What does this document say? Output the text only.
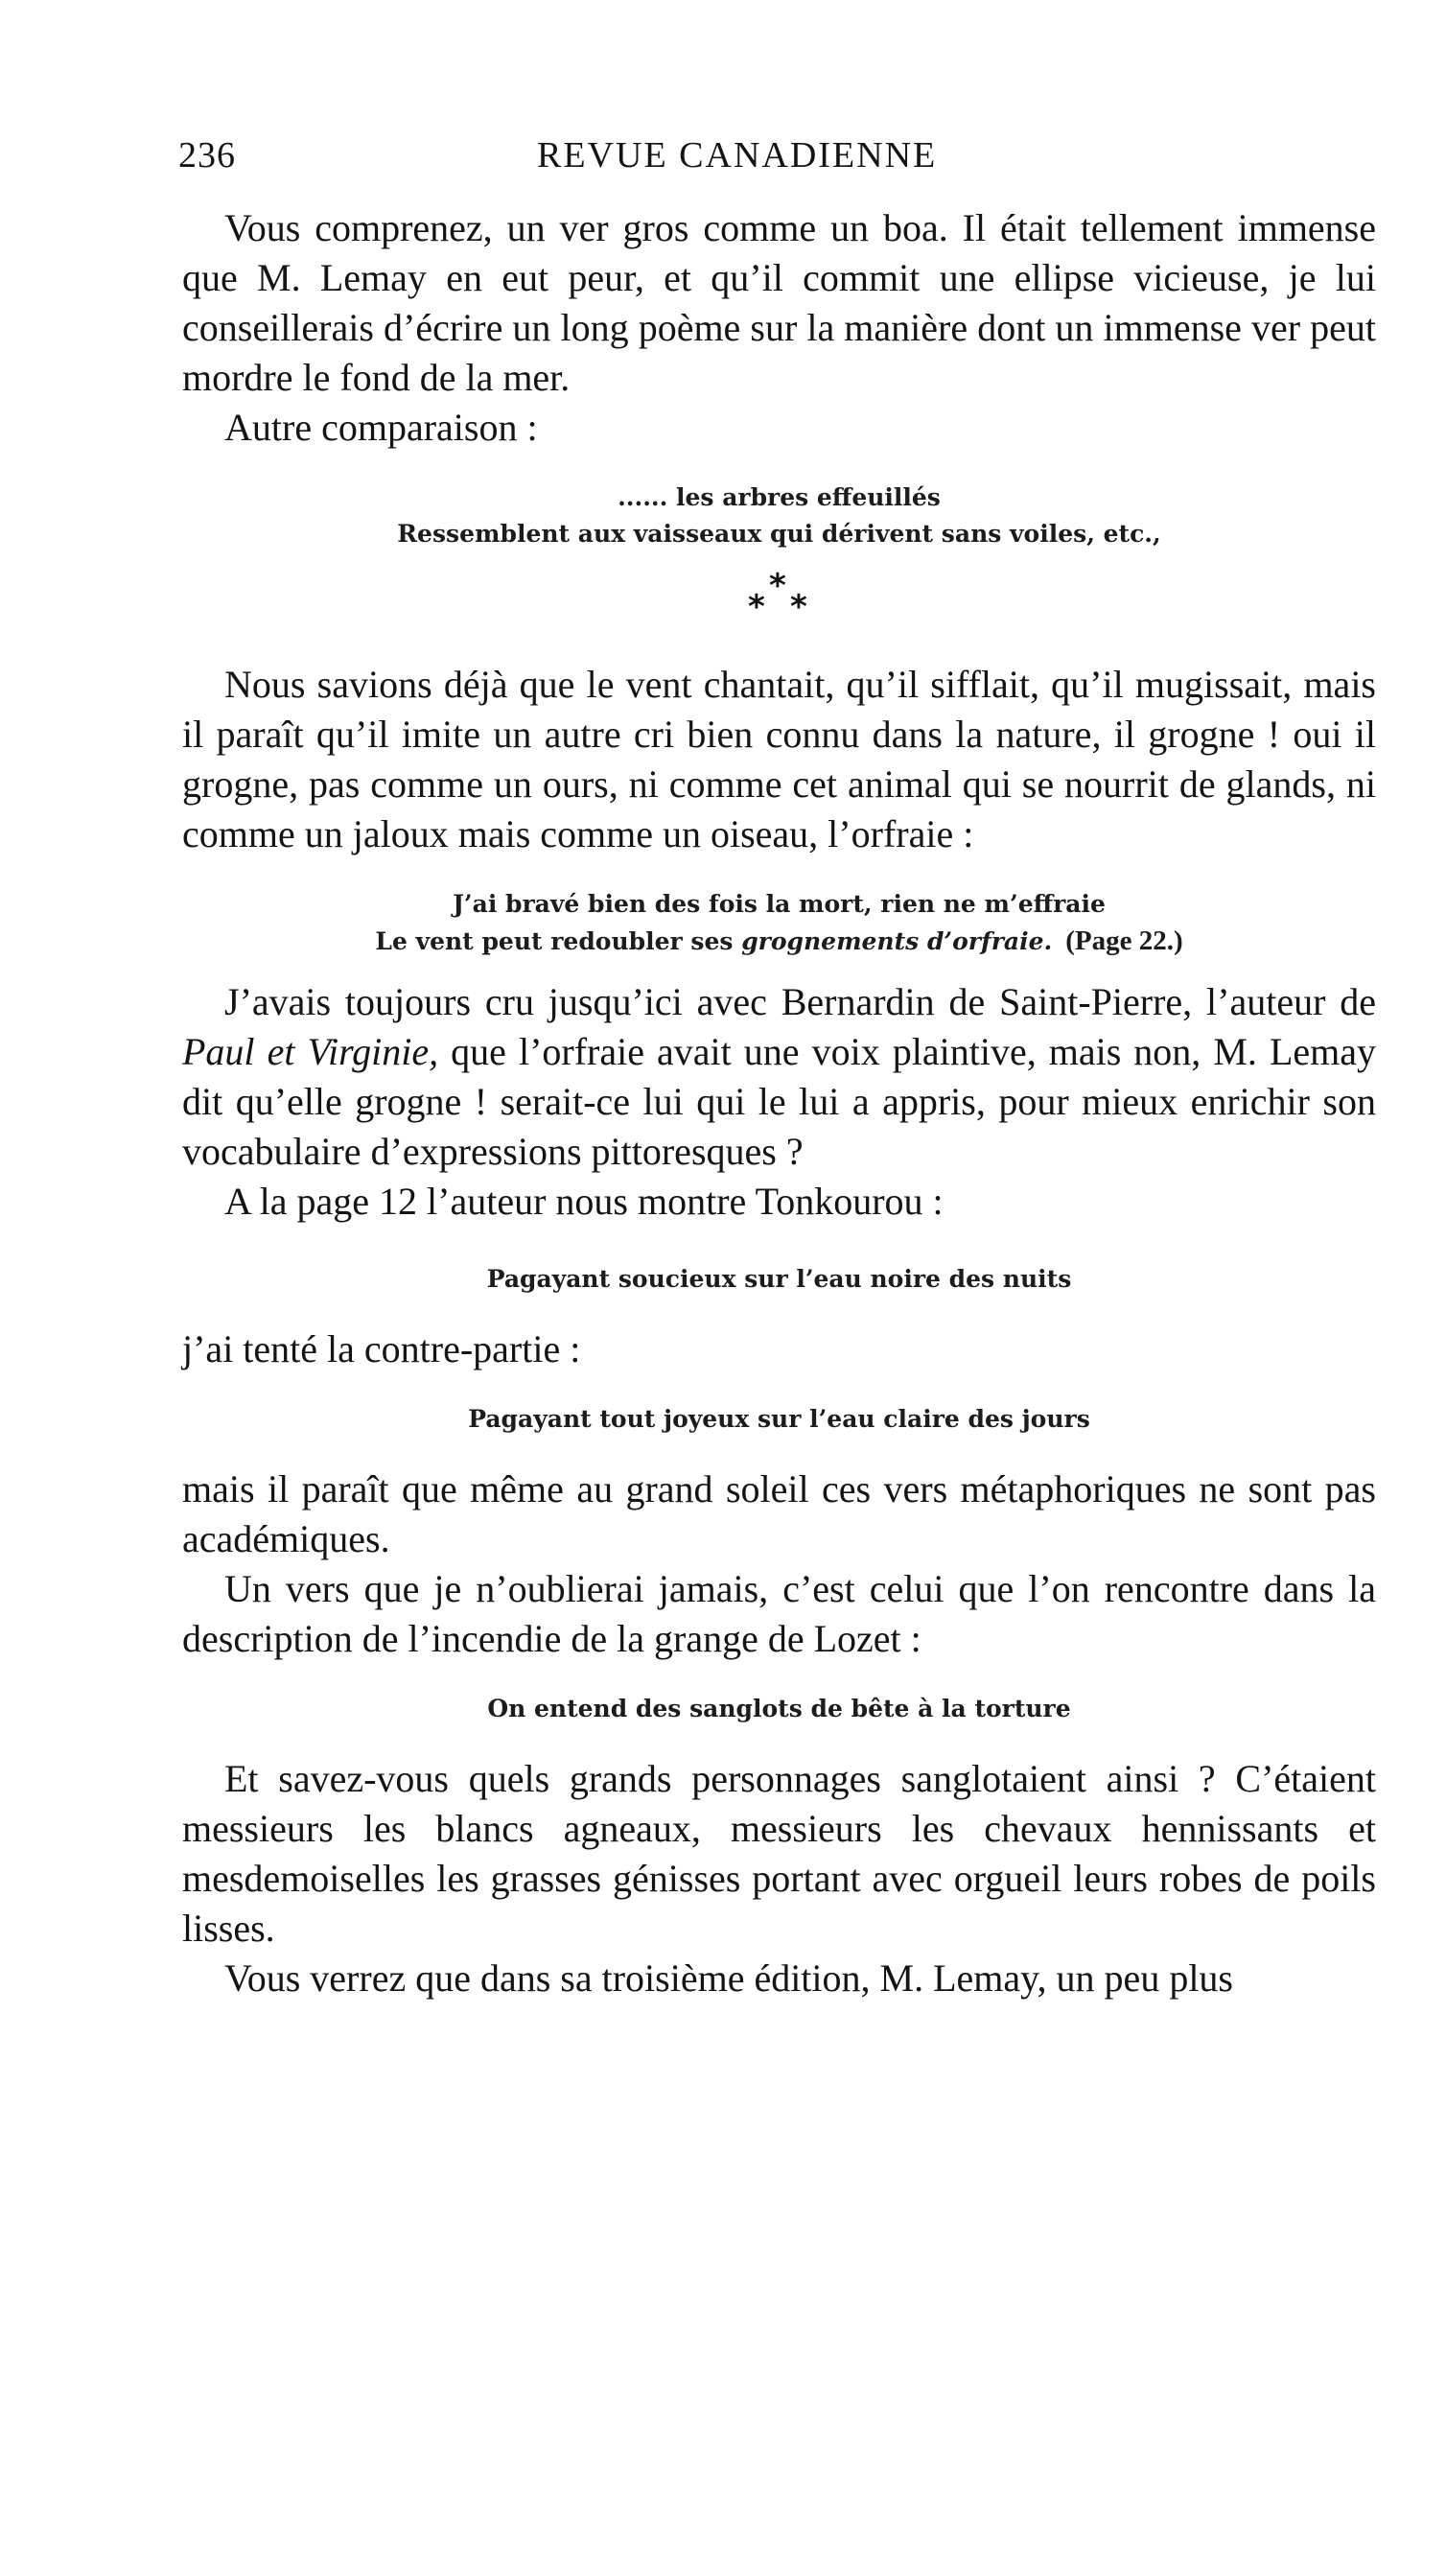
236	REVUE CANADIENNE

Vous comprenez, un ver gros comme un boa. Il était tellement immense que M. Lemay en eut peur, et qu’il commit une ellipse vicieuse, je lui conseillerais d’écrire un long poème sur la manière dont un immense ver peut mordre le fond de la mer.

Autre comparaison :

...... les arbres effeuillés
Ressemblent aux vaisseaux qui dérivent sans voiles, etc.,
*
* *

Nous savions déjà que le vent chantait, qu’il sifflait, qu’il mugissait, mais il paraît qu’il imite un autre cri bien connu dans la nature, il grogne ! oui il grogne, pas comme un ours, ni comme cet animal qui se nourrit de glands, ni comme un jaloux mais comme un oiseau, l’orfraie :

J’ai bravé bien des fois la mort, rien ne m’effraie
Le vent peut redoubler ses grognements d’orfraie. (Page 22.)

J’avais toujours cru jusqu’ici avec Bernardin de Saint-Pierre, l’auteur de Paul et Virginie, que l’orfraie avait une voix plaintive, mais non, M. Lemay dit qu’elle grogne ! serait-ce lui qui le lui a appris, pour mieux enrichir son vocabulaire d’expressions pittoresques ?

A la page 12 l’auteur nous montre Tonkourou :

Pagayant soucieux sur l’eau noire des nuits

j’ai tenté la contre-partie :

Pagayant tout joyeux sur l’eau claire des jours

mais il paraît que même au grand soleil ces vers métaphoriques ne sont pas académiques.

Un vers que je n’oublierai jamais, c’est celui que l’on rencontre dans la description de l’incendie de la grange de Lozet :

On entend des sanglots de bête à la torture

Et savez-vous quels grands personnages sanglotaient ainsi ? C’étaient messieurs les blancs agneaux, messieurs les chevaux hennissants et mesdemoiselles les grasses génisses portant avec orgueil leurs robes de poils lisses.

Vous verrez que dans sa troisième édition, M. Lemay, un peu plus
